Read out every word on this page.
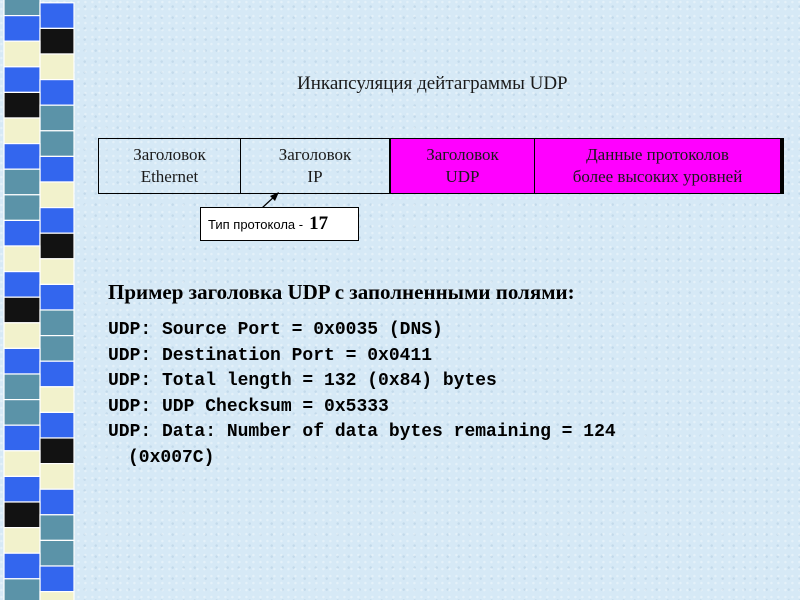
Инкапсуляция дейтаграммы UDP
Заголовок
Ethernet
Заголовок
IP
Заголовок
UDP
Данные протоколов
более высоких уровней
Тип протокола - 17
Пример заголовка UDP с заполненными полями:
UDP: Source Port = 0x0035 (DNS)
UDP: Destination Port = 0x0411
UDP: Total length = 132 (0x84) bytes
UDP: UDP Checksum = 0x5333
UDP: Data: Number of data bytes remaining = 124
(0x007C)
